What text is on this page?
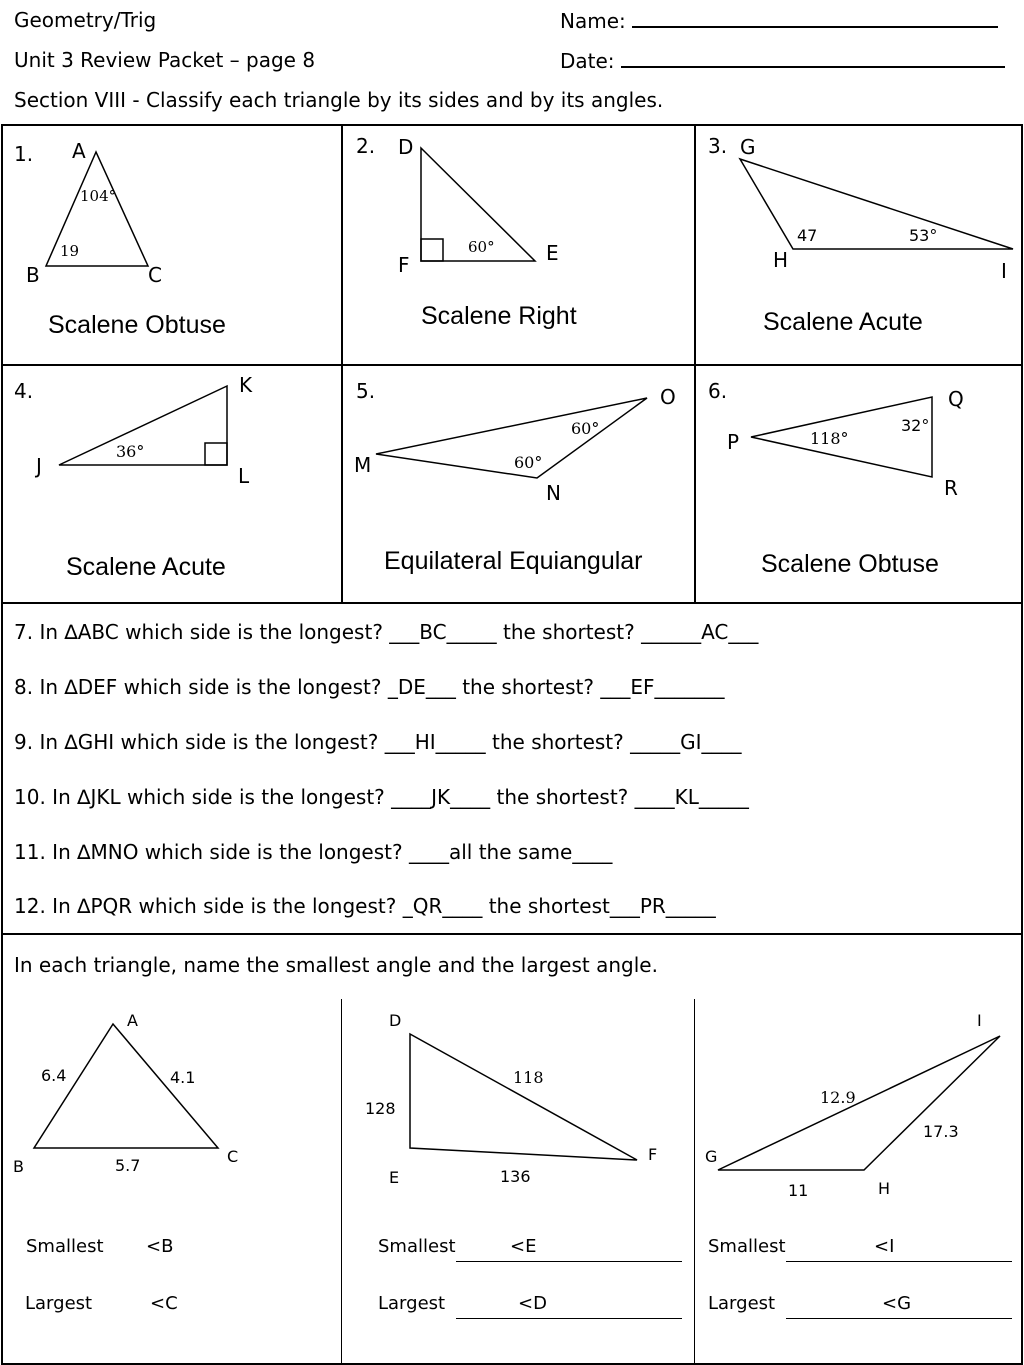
Geometry/Trig
Unit 3 Review Packet – page 8
Name:
Date:
Section VIII - Classify each triangle by its sides and by its angles.
1. A
B	C
104°
19
Scalene Obtuse
2. D
F	E
60°
Scalene Right
3. G
H	I
47	53°
Scalene Acute
4.	K
J	L
36°
Scalene Acute
5.	O
M
N
60°
60°
Equilateral Equiangular
6.	Q
P
R
32°
118°
Scalene Obtuse
7. In ∆ABC which side is the longest? ___BC_____ the shortest? ______AC___
8. In ∆DEF which side is the longest? _DE___ the shortest? ___EF_______
9. In ∆GHI which side is the longest? ___HI_____ the shortest? _____GI____
10. In ∆JKL which side is the longest? ____JK____ the shortest? ____KL_____
11. In ∆MNO which side is the longest? ____all the same____
12. In ∆PQR which side is the longest? _QR____ the shortest___PR_____
In each triangle, name the smallest angle and the largest angle.
A
B
C
6.4	4.1
5.7
Smallest <B
Largest	<C
D
E
F
128
118
136
Smallest	<E
Largest	<D
I
G
H
12.9
17.3
11
Smallest	<I
Largest	<G
